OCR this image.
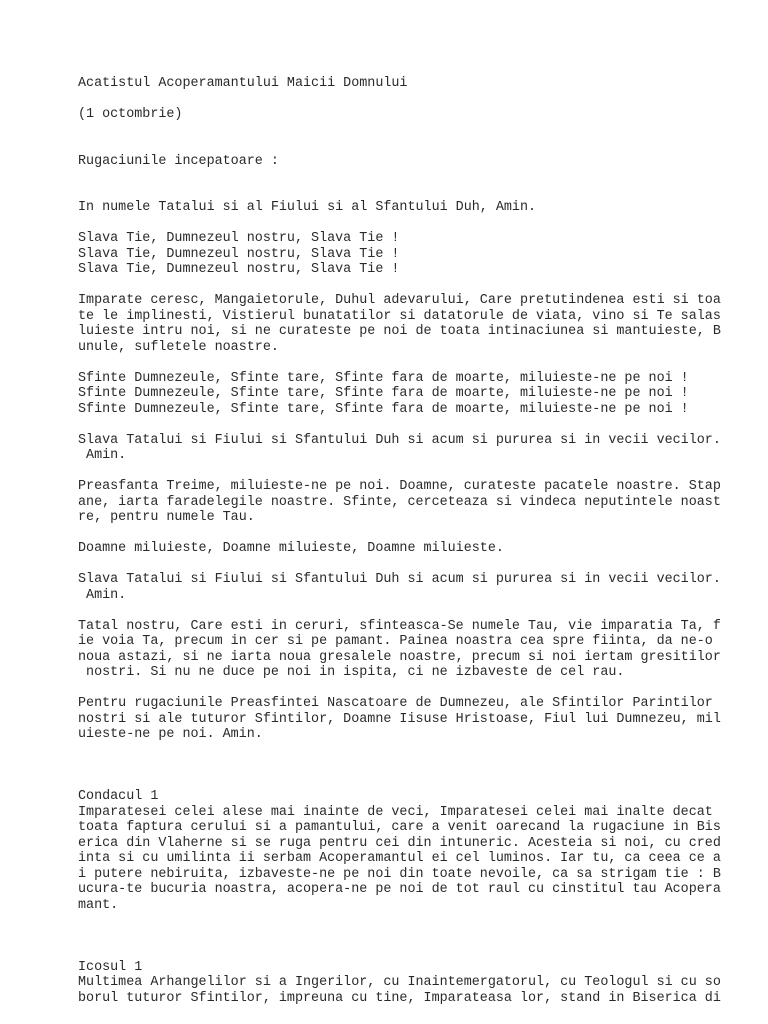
Acatistul Acoperamantului Maicii Domnului
(1 octombrie)
Rugaciunile incepatoare :
In numele Tatalui si al Fiului si al Sfantului Duh, Amin.
Slava Tie, Dumnezeul nostru, Slava Tie !
Slava Tie, Dumnezeul nostru, Slava Tie !
Slava Tie, Dumnezeul nostru, Slava Tie !
Imparate ceresc, Mangaietorule, Duhul adevarului, Care pretutindenea esti si toa
te le implinesti, Vistierul bunatatilor si datatorule de viata, vino si Te salas
luieste intru noi, si ne curateste pe noi de toata intinaciunea si mantuieste, B
unule, sufletele noastre.
Sfinte Dumnezeule, Sfinte tare, Sfinte fara de moarte, miluieste-ne pe noi !
Sfinte Dumnezeule, Sfinte tare, Sfinte fara de moarte, miluieste-ne pe noi !
Sfinte Dumnezeule, Sfinte tare, Sfinte fara de moarte, miluieste-ne pe noi !
Slava Tatalui si Fiului si Sfantului Duh si acum si pururea si in vecii vecilor.
Amin.
Preasfanta Treime, miluieste-ne pe noi. Doamne, curateste pacatele noastre. Stap
ane, iarta faradelegile noastre. Sfinte, cerceteaza si vindeca neputintele noast
re, pentru numele Tau.
Doamne miluieste, Doamne miluieste, Doamne miluieste.
Slava Tatalui si Fiului si Sfantului Duh si acum si pururea si in vecii vecilor.
Amin.
Tatal nostru, Care esti in ceruri, sfinteasca-Se numele Tau, vie imparatia Ta, f
ie voia Ta, precum in cer si pe pamant. Painea noastra cea spre fiinta, da ne-o
noua astazi, si ne iarta noua gresalele noastre, precum si noi iertam gresitilor
nostri. Si nu ne duce pe noi in ispita, ci ne izbaveste de cel rau.
Pentru rugaciunile Preasfintei Nascatoare de Dumnezeu, ale Sfintilor Parintilor
nostri si ale tuturor Sfintilor, Doamne Iisuse Hristoase, Fiul lui Dumnezeu, mil
uieste-ne pe noi. Amin.
Condacul 1
Imparatesei celei alese mai inainte de veci, Imparatesei celei mai inalte decat
toata faptura cerului si a pamantului, care a venit oarecand la rugaciune in Bis
erica din Vlaherne si se ruga pentru cei din intuneric. Acesteia si noi, cu cred
inta si cu umilinta ii serbam Acoperamantul ei cel luminos. Iar tu, ca ceea ce a
i putere nebiruita, izbaveste-ne pe noi din toate nevoile, ca sa strigam tie : B
ucura-te bucuria noastra, acopera-ne pe noi de tot raul cu cinstitul tau Acopera
mant.
Icosul 1
Multimea Arhangelilor si a Ingerilor, cu Inaintemergatorul, cu Teologul si cu so
borul tuturor Sfintilor, impreuna cu tine, Imparateasa lor, stand in Biserica di
